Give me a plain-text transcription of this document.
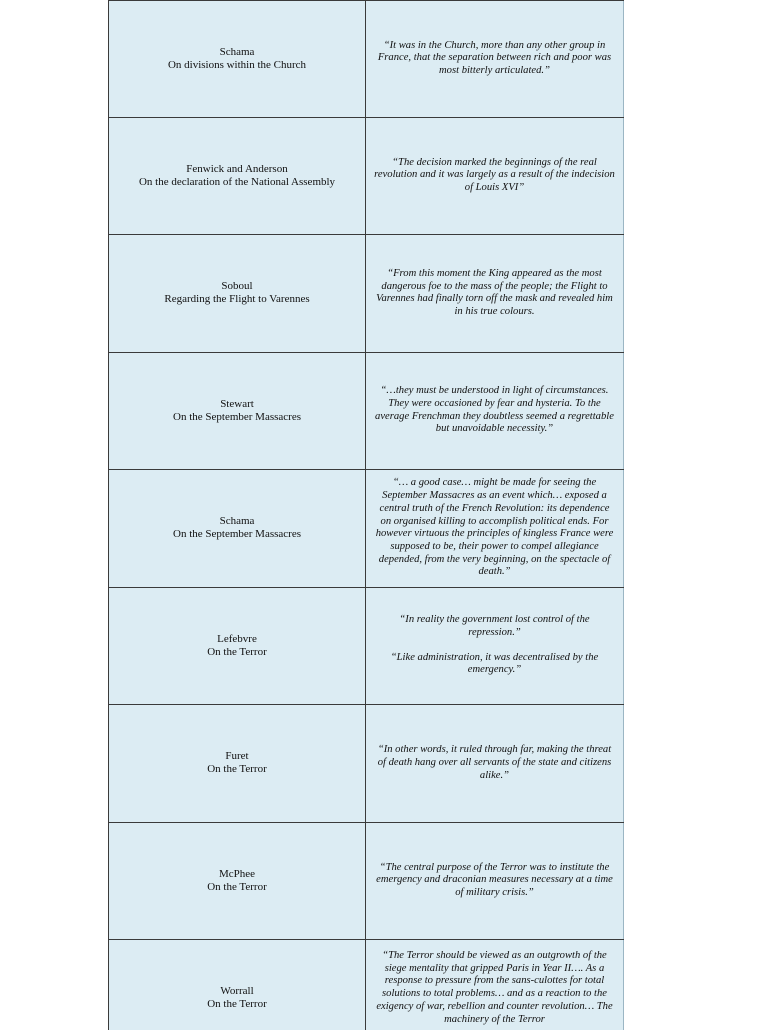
Schama
On divisions within the Church
“It was in the Church, more than any other group in France, that the separation between rich and poor was most bitterly articulated.”
Fenwick and Anderson
On the declaration of the National Assembly
“The decision marked the beginnings of the real revolution and it was largely as a result of the indecision of Louis XVI”
Soboul
Regarding the Flight to Varennes
“From this moment the King appeared as the most dangerous foe to the mass of the people; the Flight to Varennes had finally torn off the mask and revealed him in his true colours.
Stewart
On the September Massacres
“…they must be understood in light of circumstances. They were occasioned by fear and hysteria. To the average Frenchman they doubtless seemed a regrettable but unavoidable necessity.”
Schama
On the September Massacres
“… a good case… might be made for seeing the September Massacres as an event which… exposed a central truth of the French Revolution: its dependence on organised killing to accomplish political ends. For however virtuous the principles of kingless France were supposed to be, their power to compel allegiance depended, from the very beginning, on the spectacle of death.”
Lefebvre
On the Terror
“In reality the government lost control of the repression.”
“Like administration, it was decentralised by the emergency.”
Furet
On the Terror
“In other words, it ruled through far, making the threat of death hang over all servants of the state and citizens alike.”
McPhee
On the Terror
“The central purpose of the Terror was to institute the emergency and draconian measures necessary at a time of military crisis.”
Worrall
On the Terror
“The Terror should be viewed as an outgrowth of the siege mentality that gripped Paris in Year II…. As a response to pressure from the sans-culottes for total solutions to total problems… and as a reaction to the exigency of war, rebellion and counter revolution… The machinery of the Terror
